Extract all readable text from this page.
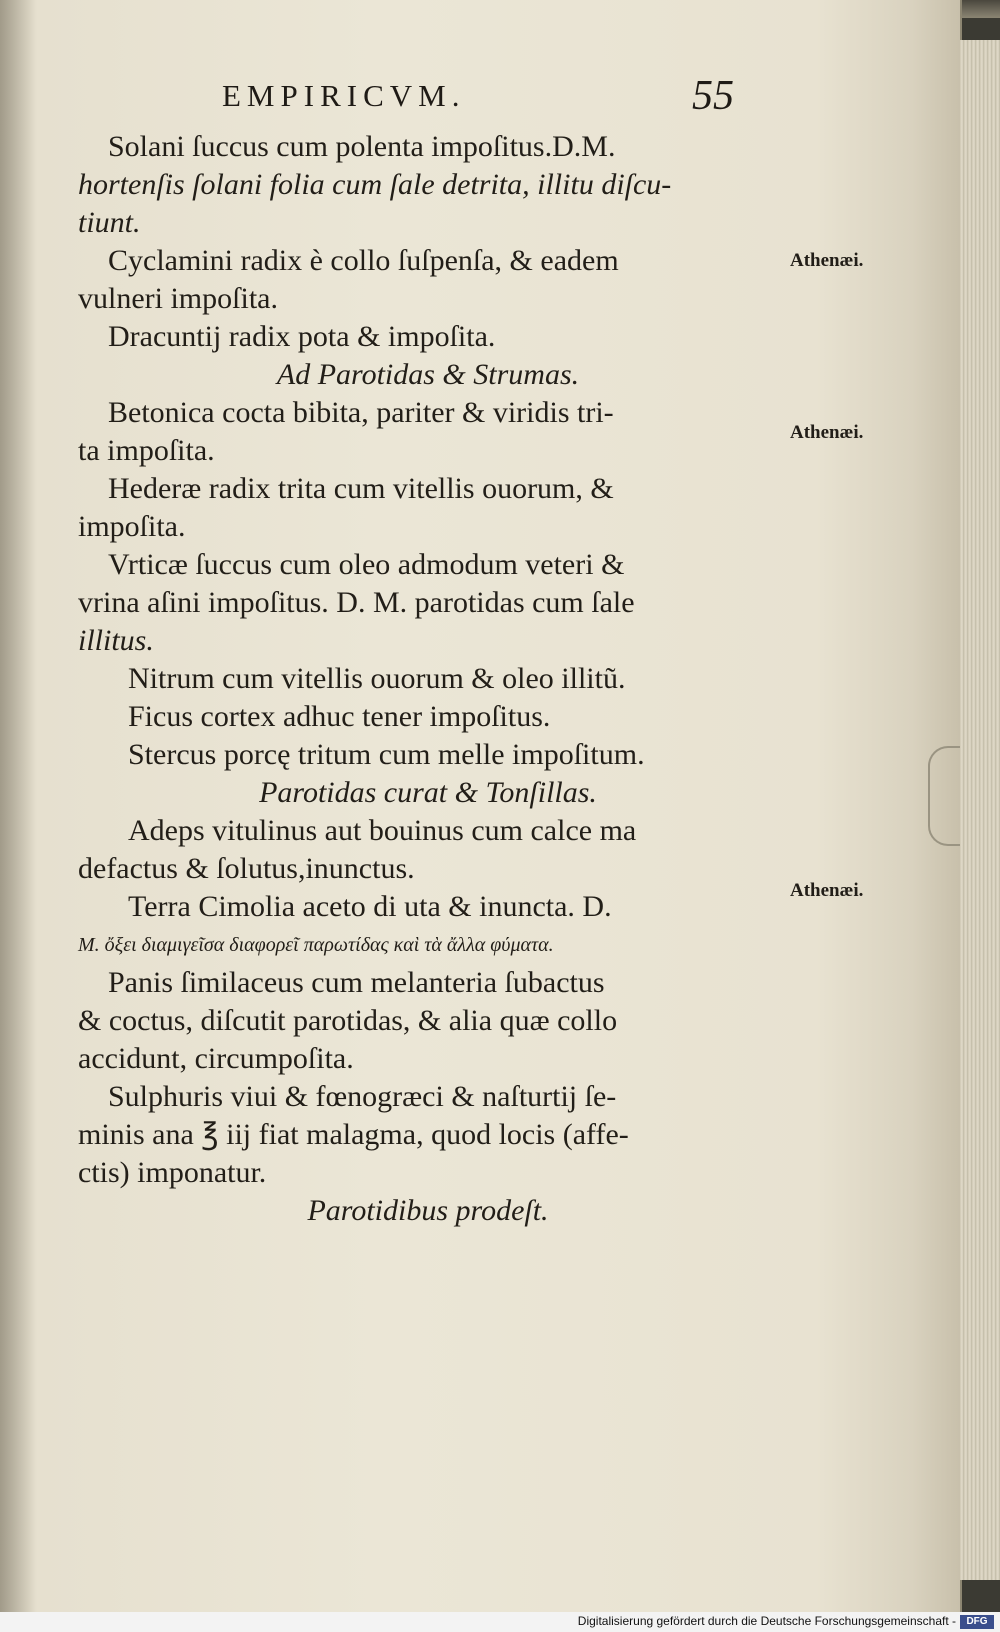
EMPIRICVM.	55
Solani ſuccus cum polenta impoſitus.D.M.
hortenſis ſolani folia cum ſale detrita, illitu diſcu-
tiunt.
Cyclamini radix è collo ſuſpenſa, & eadem
vulneri impoſita.
Dracuntij radix pota & impoſita.
Ad Parotidas & Strumas.
Betonica cocta bibita, pariter & viridis tri-
ta impoſita.
Hederæ radix trita cum vitellis ouorum, &
impoſita.
Vrticæ ſuccus cum oleo admodum veteri &
vrina aſini impoſitus. D. M. parotidas cum ſale
illitus.
Nitrum cum vitellis ouorum & oleo illitũ.
Ficus cortex adhuc tener impoſitus.
Stercus porcę tritum cum melle impoſitum.
Parotidas curat & Tonſillas.
Adeps vitulinus aut bouinus cum calce ma
defactus & ſolutus,inunctus.
Terra Cimolia aceto di uta & inuncta. D.
M. ὄξει διαμιγεῖσα διαφορεῖ παρωτίδας καὶ τὰ ἄλλα φύματα.
Panis ſimilaceus cum melanteria ſubactus
& coctus, diſcutit parotidas, & alia quæ collo
accidunt, circumpoſita.
Sulphuris viui & fœnogræci & naſturtij ſe-
minis ana ℥ iij fiat malagma, quod locis (affe-
ctis) imponatur.
Parotidibus prodeſt.
Athenæi.
Athenæi.
Athenæi.
Digitalisierung gefördert durch die Deutsche Forschungsgemeinschaft -	DFG
